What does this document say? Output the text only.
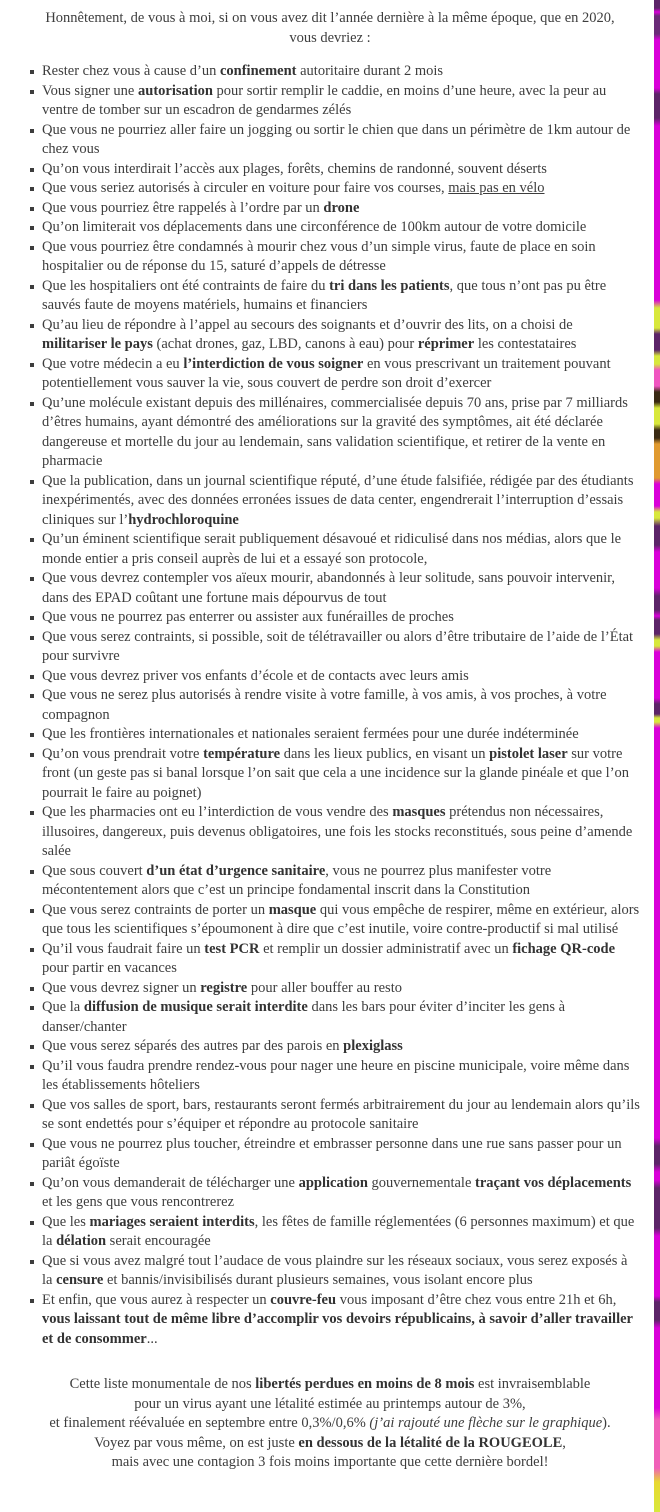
Honnêtement, de vous à moi, si on vous avez dit l’année dernière à la même époque, que en 2020,
vous devriez :

Rester chez vous à cause d’un confinement autoritaire durant 2 mois
Vous signer une autorisation pour sortir remplir le caddie, en moins d’une heure, avec la peur au ventre de tomber sur un escadron de gendarmes zélés
Que vous ne pourriez aller faire un jogging ou sortir le chien que dans un périmètre de 1km autour de chez vous
Qu’on vous interdirait l’accès aux plages, forêts, chemins de randonné, souvent déserts
Que vous seriez autorisés à circuler en voiture pour faire vos courses, mais pas en vélo
Que vous pourriez être rappelés à l’ordre par un drone
Qu’on limiterait vos déplacements dans une circonférence de 100km autour de votre domicile
Que vous pourriez être condamnés à mourir chez vous d’un simple virus, faute de place en soin hospitalier ou de réponse du 15, saturé d’appels de détresse
Que les hospitaliers ont été contraints de faire du tri dans les patients, que tous n’ont pas pu être sauvés faute de moyens matériels, humains et financiers
Qu’au lieu de répondre à l’appel au secours des soignants et d’ouvrir des lits, on a choisi de militariser le pays (achat drones, gaz, LBD, canons à eau) pour réprimer les contestataires
Que votre médecin a eu l’interdiction de vous soigner en vous prescrivant un traitement pouvant potentiellement vous sauver la vie, sous couvert de perdre son droit d’exercer
Qu’une molécule existant depuis des millénaires, commercialisée depuis 70 ans, prise par 7 milliards d’êtres humains, ayant démontré des améliorations sur la gravité des symptômes, ait été déclarée dangereuse et mortelle du jour au lendemain, sans validation scientifique, et retirer de la vente en pharmacie
Que la publication, dans un journal scientifique réputé, d’une étude falsifiée, rédigée par des étudiants inexpérimentés, avec des données erronées issues de data center, engendrerait l’interruption d’essais cliniques sur l’hydrochloroquine
Qu’un éminent scientifique serait publiquement désavoué et ridiculisé dans nos médias, alors que le monde entier a pris conseil auprès de lui et a essayé son protocole,
Que vous devrez contempler vos aïeux mourir, abandonnés à leur solitude, sans pouvoir intervenir, dans des EPAD coûtant une fortune mais dépourvus de tout
Que vous ne pourrez pas enterrer ou assister aux funérailles de proches
Que vous serez contraints, si possible, soit de télétravailler ou alors d’être tributaire de l’aide de l’État pour survivre
Que vous devrez priver vos enfants d’école et de contacts avec leurs amis
Que vous ne serez plus autorisés à rendre visite à votre famille, à vos amis, à vos proches, à votre compagnon
Que les frontières internationales et nationales seraient fermées pour une durée indéterminée
Qu’on vous prendrait votre température dans les lieux publics, en visant un pistolet laser sur votre front (un geste pas si banal lorsque l’on sait que cela a une incidence sur la glande pinéale et que l’on pourrait le faire au poignet)
Que les pharmacies ont eu l’interdiction de vous vendre des masques prétendus non nécessaires, illusoires, dangereux, puis devenus obligatoires, une fois les stocks reconstitués, sous peine d’amende salée
Que sous couvert d’un état d’urgence sanitaire, vous ne pourrez plus manifester votre mécontentement alors que c’est un principe fondamental inscrit dans la Constitution
Que vous serez contraints de porter un masque qui vous empêche de respirer, même en extérieur, alors que tous les scientifiques s’époumonent à dire que c’est inutile, voire contre-productif si mal utilisé
Qu’il vous faudrait faire un test PCR et remplir un dossier administratif avec un fichage QR-code pour partir en vacances
Que vous devrez signer un registre pour aller bouffer au resto
Que la diffusion de musique serait interdite dans les bars pour éviter d’inciter les gens à danser/chanter
Que vous serez séparés des autres par des parois en plexiglass
Qu’il vous faudra prendre rendez-vous pour nager une heure en piscine municipale, voire même dans les établissements hôteliers
Que vos salles de sport, bars, restaurants seront fermés arbitrairement du jour au lendemain alors qu’ils se sont endettés pour s’équiper et répondre au protocole sanitaire
Que vous ne pourrez plus toucher, étreindre et embrasser personne dans une rue sans passer pour un pariât égoïste
Qu’on vous demanderait de télécharger une application gouvernementale traçant vos déplacements et les gens que vous rencontrerez
Que les mariages seraient interdits, les fêtes de famille réglementées (6 personnes maximum) et que la délation serait encouragée
Que si vous avez malgré tout l’audace de vous plaindre sur les réseaux sociaux, vous serez exposés à la censure et bannis/invisibilisés durant plusieurs semaines, vous isolant encore plus
Et enfin, que vous aurez à respecter un couvre-feu vous imposant d’être chez vous entre 21h et 6h, vous laissant tout de même libre d’accomplir vos devoirs républicains, à savoir d’aller travailler et de consommer...

Cette liste monumentale de nos libertés perdues en moins de 8 mois est invraisemblable
pour un virus ayant une létalité estimée au printemps autour de 3%,
et finalement réévaluée en septembre entre 0,3%/0,6% (j’ai rajouté une flèche sur le graphique).
Voyez par vous même, on est juste en dessous de la létalité de la ROUGEOLE,
mais avec une contagion 3 fois moins importante que cette dernière bordel!
